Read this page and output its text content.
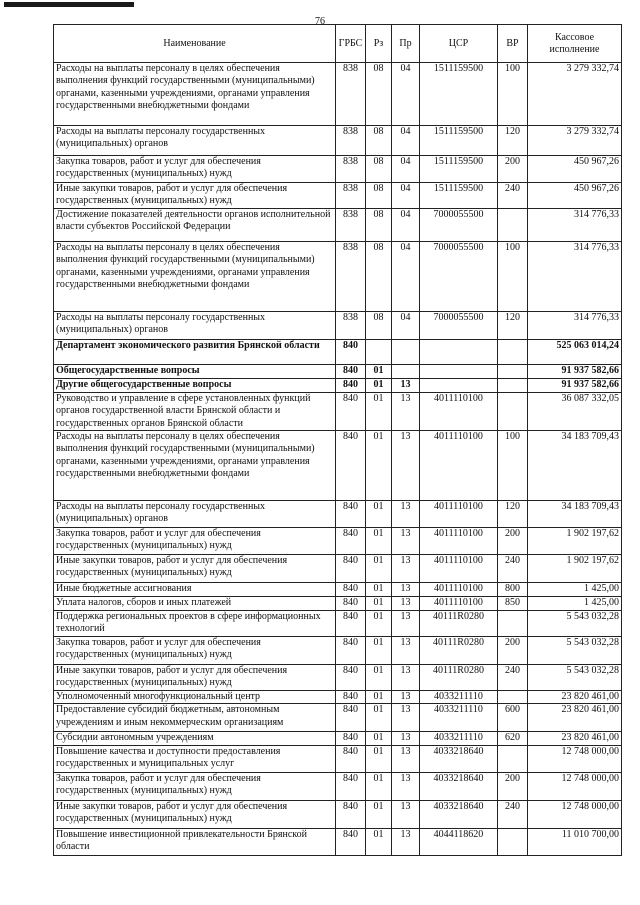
76
Наименование	ГРБС	Рз	Пр	ЦСР	ВР	Кассовое исполнение
Расходы на выплаты персоналу в целях обеспечения выполнения функций государственными (муниципальными) органами, казенными учреждениями, органами управления государственными внебюджетными фондами	838	08	04	1511159500	100	3 279 332,74
Расходы на выплаты персоналу государственных (муниципальных) органов	838	08	04	1511159500	120	3 279 332,74
Закупка товаров, работ и услуг для обеспечения государственных (муниципальных) нужд	838	08	04	1511159500	200	450 967,26
Иные закупки товаров, работ и услуг для обеспечения государственных (муниципальных) нужд	838	08	04	1511159500	240	450 967,26
Достижение показателей деятельности органов исполнительной власти субъектов Российской Федерации	838	08	04	7000055500		314 776,33
Расходы на выплаты персоналу в целях обеспечения выполнения функций государственными (муниципальными) органами, казенными учреждениями, органами управления государственными внебюджетными фондами	838	08	04	7000055500	100	314 776,33
Расходы на выплаты персоналу государственных (муниципальных) органов	838	08	04	7000055500	120	314 776,33
Департамент экономического развития Брянской области	840					525 063 014,24
Общегосударственные вопросы	840	01				91 937 582,66
Другие общегосударственные вопросы	840	01	13			91 937 582,66
Руководство и управление в сфере установленных функций органов государственной власти Брянской области и государственных органов Брянской области	840	01	13	4011110100		36 087 332,05
Расходы на выплаты персоналу в целях обеспечения выполнения функций государственными (муниципальными) органами, казенными учреждениями, органами управления государственными внебюджетными фондами	840	01	13	4011110100	100	34 183 709,43
Расходы на выплаты персоналу государственных (муниципальных) органов	840	01	13	4011110100	120	34 183 709,43
Закупка товаров, работ и услуг для обеспечения государственных (муниципальных) нужд	840	01	13	4011110100	200	1 902 197,62
Иные закупки товаров, работ и услуг для обеспечения государственных (муниципальных) нужд	840	01	13	4011110100	240	1 902 197,62
Иные бюджетные ассигнования	840	01	13	4011110100	800	1 425,00
Уплата налогов, сборов и иных платежей	840	01	13	4011110100	850	1 425,00
Поддержка региональных проектов в сфере информационных технологий	840	01	13	40111R0280		5 543 032,28
Закупка товаров, работ и услуг для обеспечения государственных (муниципальных) нужд	840	01	13	40111R0280	200	5 543 032,28
Иные закупки товаров, работ и услуг для обеспечения государственных (муниципальных) нужд	840	01	13	40111R0280	240	5 543 032,28
Уполномоченный многофункциональный центр	840	01	13	4033211110		23 820 461,00
Предоставление субсидий бюджетным, автономным учреждениям и иным некоммерческим организациям	840	01	13	4033211110	600	23 820 461,00
Субсидии автономным учреждениям	840	01	13	4033211110	620	23 820 461,00
Повышение качества и доступности предоставления государственных и муниципальных услуг	840	01	13	4033218640		12 748 000,00
Закупка товаров, работ и услуг для обеспечения государственных (муниципальных) нужд	840	01	13	4033218640	200	12 748 000,00
Иные закупки товаров, работ и услуг для обеспечения государственных (муниципальных) нужд	840	01	13	4033218640	240	12 748 000,00
Повышение инвестиционной привлекательности Брянской области	840	01	13	4044118620		11 010 700,00
